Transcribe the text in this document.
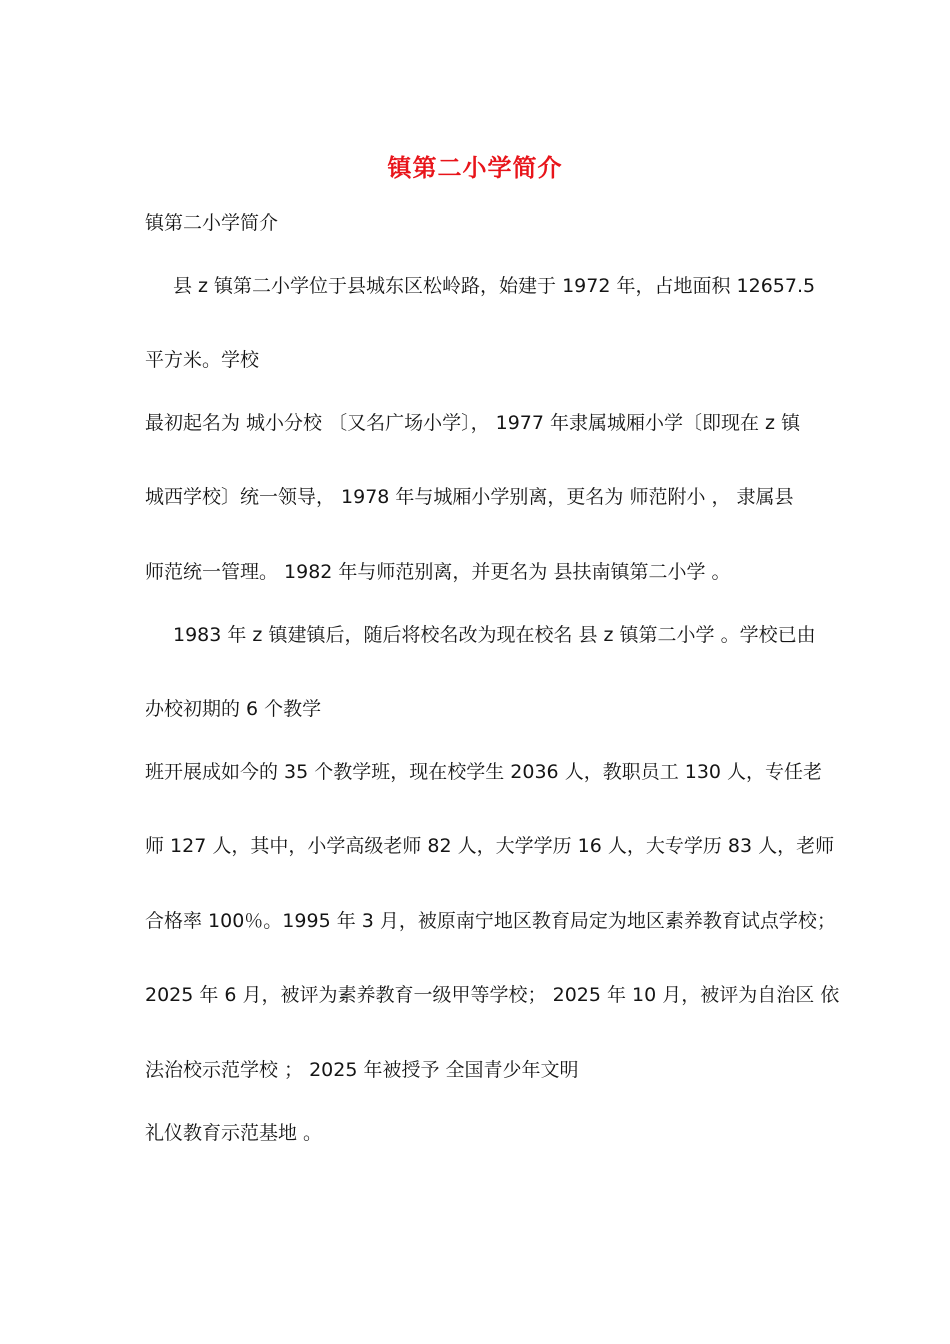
镇第二小学简介
镇第二小学简介
县 z 镇第二小学位于县城东区松岭路，始建于 1972 年，占地面积 12657.5
平方米。学校
最初起名为 城小分校 〔又名广场小学〕， 1977 年隶属城厢小学〔即现在 z 镇
城西学校〕统一领导， 1978 年与城厢小学别离，更名为 师范附小 ， 隶属县
师范统一管理。 1982 年与师范别离，并更名为 县扶南镇第二小学 。
1983 年 z 镇建镇后，随后将校名改为现在校名 县 z 镇第二小学 。学校已由
办校初期的 6 个教学
班开展成如今的 35 个教学班，现在校学生 2036 人，教职员工 130 人，专任老
师 127 人，其中，小学高级老师 82 人，大学学历 16 人，大专学历 83 人，老师
合格率 100％。1995 年 3 月，被原南宁地区教育局定为地区素养教育试点学校；
2025 年 6 月，被评为素养教育一级甲等学校； 2025 年 10 月，被评为自治区 依
法治校示范学校 ； 2025 年被授予 全国青少年文明
礼仪教育示范基地 。
